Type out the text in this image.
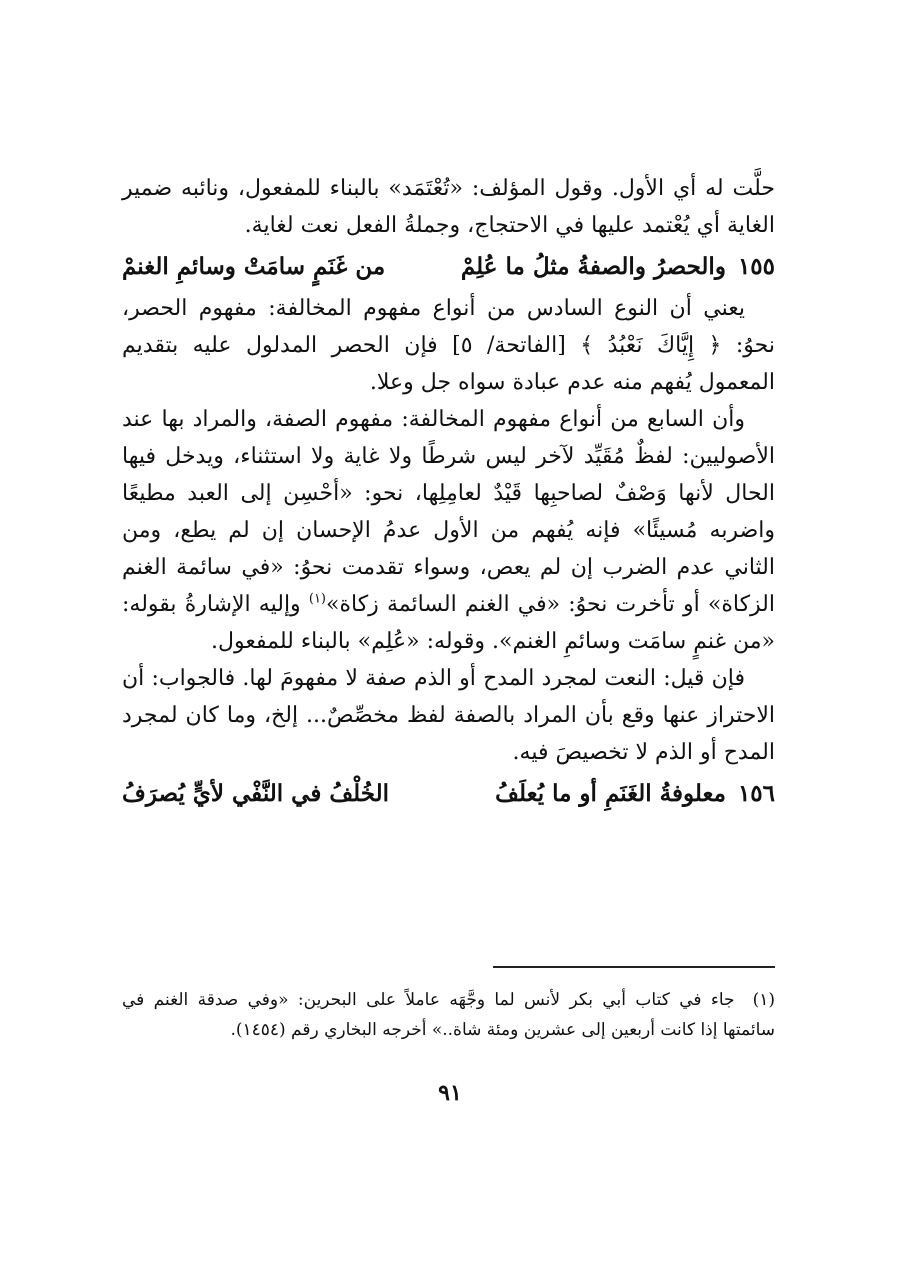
حلَّت له أي الأول. وقول المؤلف: «تُعْتَمَد» بالبناء للمفعول، ونائبه ضمير الغاية أي يُعْتمد عليها في الاحتجاج، وجملةُ الفعل نعت لغاية.

١٥٥
والحصرُ والصفةُ مثلُ ما عُلِمْ
من غَنَمٍ سامَتْ وسائمِ الغنمْ

يعني أن النوع السادس من أنواع مفهوم المخالفة: مفهوم الحصر، نحوُ: ﴿ إِيَّاكَ نَعْبُدُ ﴾ [الفاتحة/ ٥] فإن الحصر المدلول عليه بتقديم المعمول يُفهم منه عدم عبادة سواه جل وعلا.

وأن السابع من أنواع مفهوم المخالفة: مفهوم الصفة، والمراد بها عند الأصوليين: لفظٌ مُقَيِّد لآخر ليس شرطًا ولا غاية ولا استثناء، ويدخل فيها الحال لأنها وَصْفٌ لصاحبِها قَيْدٌ لعامِلِها، نحو: «أحْسِن إلى العبد مطيعًا واضربه مُسيئًا» فإنه يُفهم من الأول عدمُ الإحسان إن لم يطع، ومن الثاني عدم الضرب إن لم يعص، وسواء تقدمت نحوُ: «في سائمة الغنم الزكاة» أو تأخرت نحوُ: «في الغنم السائمة زكاة»$^{(١)}$ وإليه الإشارةُ بقوله: «من غنمٍ سامَت وسائمِ الغنم». وقوله: «عُلِم» بالبناء للمفعول.

فإن قيل: النعت لمجرد المدح أو الذم صفة لا مفهومَ لها. فالجواب: أن الاحتراز عنها وقع بأن المراد بالصفة لفظ مخصِّصٌ... إلخ، وما كان لمجرد المدح أو الذم لا تخصيصَ فيه.

١٥٦
معلوفةُ الغَنَمِ أو ما يُعلَفُ
الخُلْفُ في النَّفْي لأيٍّ يُصرَفُ

(١)جاء في كتاب أبي بكر لأنس لما وجَّهَه عاملاً على البحرين: «وفي صدقة الغنم في سائمتها إذا كانت أربعين إلى عشرين ومئة شاة..» أخرجه البخاري رقم (١٤٥٤).

٩١
